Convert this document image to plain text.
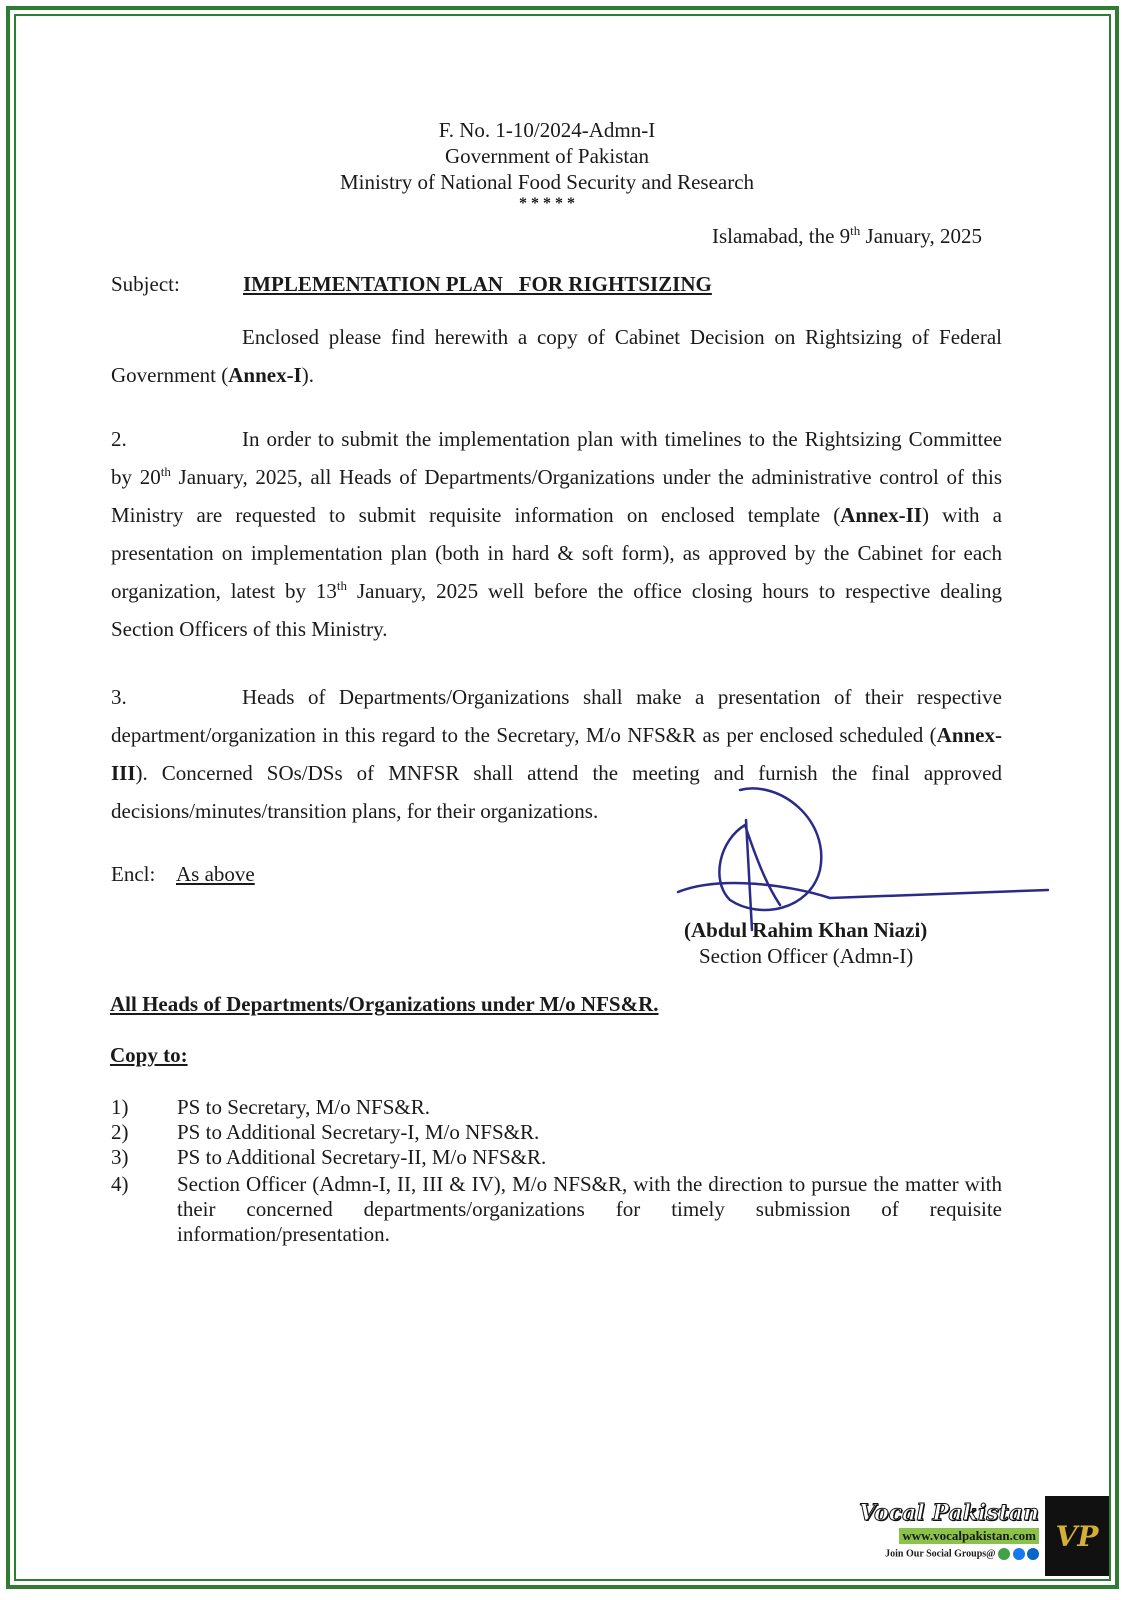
F. No. 1-10/2024-Admn-I
Government of Pakistan
Ministry of National Food Security and Research
* * * * *
Islamabad, the 9th January, 2025
Subject:	IMPLEMENTATION PLAN   FOR RIGHTSIZING
Enclosed please find herewith a copy of Cabinet Decision on Rightsizing of Federal Government (Annex-I).
2.	In order to submit the implementation plan with timelines to the Rightsizing Committee by 20th January, 2025, all Heads of Departments/Organizations under the administrative control of this Ministry are requested to submit requisite information on enclosed template (Annex-II) with a presentation on implementation plan (both in hard & soft form), as approved by the Cabinet for each organization, latest by 13th January, 2025 well before the office closing hours to respective dealing Section Officers of this Ministry.
3.	Heads of Departments/Organizations shall make a presentation of their respective department/organization in this regard to the Secretary, M/o NFS&R as per enclosed scheduled (Annex-III). Concerned SOs/DSs of MNFSR shall attend the meeting and furnish the final approved decisions/minutes/transition plans, for their organizations.
Encl: As above
(Abdul Rahim Khan Niazi)
Section Officer (Admn-I)
All Heads of Departments/Organizations under M/o NFS&R.
Copy to:
1) PS to Secretary, M/o NFS&R.
2) PS to Additional Secretary-I, M/o NFS&R.
3) PS to Additional Secretary-II, M/o NFS&R.
4) Section Officer (Admn-I, II, III & IV), M/o NFS&R, with the direction to pursue the matter with their concerned departments/organizations for timely submission of requisite information/presentation.
Vocal Pakistan
www.vocalpakistan.com
Join Our Social Groups@
VP
